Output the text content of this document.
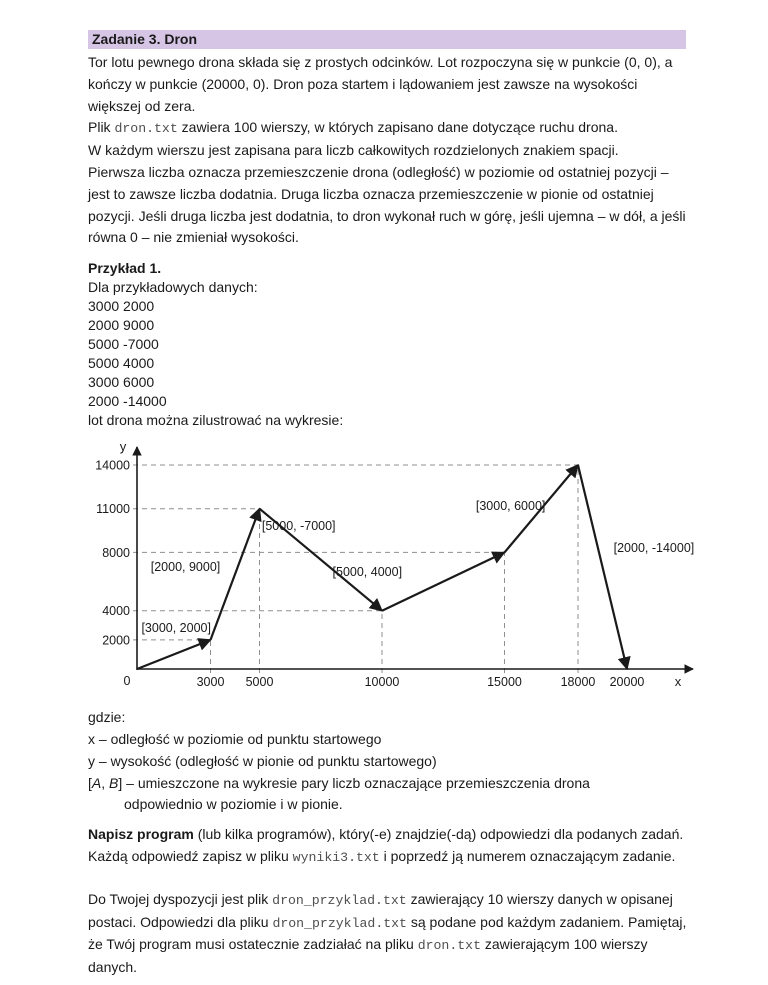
Zadanie 3. Dron

Tor lotu pewnego drona składa się z prostych odcinków. Lot rozpoczyna się w punkcie (0, 0), a kończy w punkcie (20000, 0). Dron poza startem i lądowaniem jest zawsze na wysokości większej od zera.

Plik dron.txt zawiera 100 wierszy, w których zapisano dane dotyczące ruchu drona.

W każdym wierszu jest zapisana para liczb całkowitych rozdzielonych znakiem spacji.

Pierwsza liczba oznacza przemieszczenie drona (odległość) w poziomie od ostatniej pozycji – jest to zawsze liczba dodatnia. Druga liczba oznacza przemieszczenie w pionie od ostatniej pozycji. Jeśli druga liczba jest dodatnia, to dron wykonał ruch w górę, jeśli ujemna – w dół, a jeśli równa 0 – nie zmieniał wysokości.

Przykład 1.

Dla przykładowych danych:

3000 2000
2000 9000
5000 -7000
5000 4000
3000 6000
2000 -14000

lot drona można zilustrować na wykresie:

y
x
2000
4000
8000
11000
14000
0	3000 5000	10000	15000	18000 20000
[3000, 2000]
[2000, 9000]
[5000, -7000]
[5000, 4000]
[3000, 6000]
[2000, -14000]

gdzie:

x – odległość w poziomie od punktu startowego

y – wysokość (odległość w pionie od punktu startowego)

[A, B] – umieszczone na wykresie pary liczb oznaczające przemieszczenia drona

odpowiednio w poziomie i w pionie.

Napisz program (lub kilka programów), który(-e) znajdzie(-dą) odpowiedzi dla podanych zadań. Każdą odpowiedź zapisz w pliku wyniki3.txt i poprzedź ją numerem oznaczającym zadanie.

Do Twojej dyspozycji jest plik dron_przyklad.txt zawierający 10 wierszy danych w opisanej postaci. Odpowiedzi dla pliku dron_przyklad.txt są podane pod każdym zadaniem. Pamiętaj, że Twój program musi ostatecznie zadziałać na pliku dron.txt zawierającym 100 wierszy danych.
